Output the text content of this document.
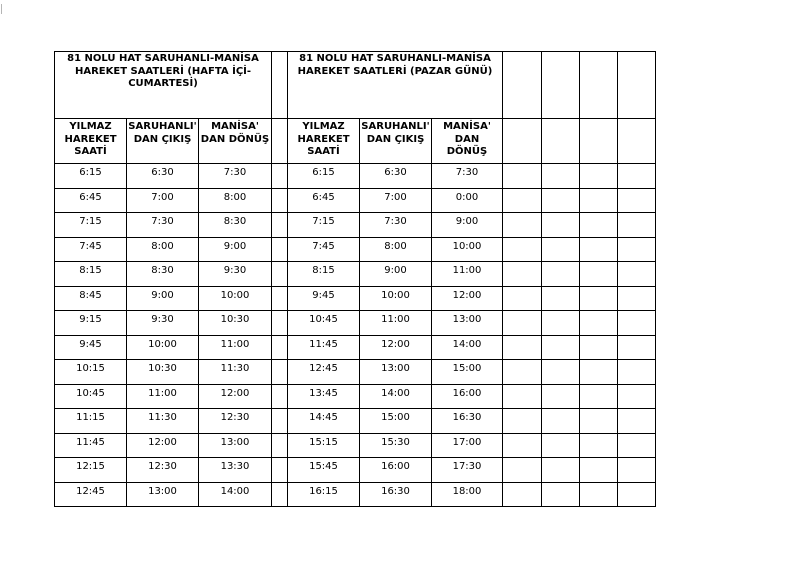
81 NOLU HAT SARUHANLI-MANİSA HAREKET SAATLERİ (HAFTA İÇİ-CUMARTESİ)				81 NOLU HAT SARUHANLI-MANİSA HAREKET SAATLERİ (PAZAR GÜNÜ)						

YILMAZ HAREKET SAATİ	SARUHANLI' DAN ÇIKIŞ	MANİSA' DAN DÖNÜŞ		YILMAZ HAREKET SAATİ	SARUHANLI' DAN ÇIKIŞ	MANİSA' DAN DÖNÜŞ				

6:15	6:30	7:30		6:15	6:30	7:30				

6:45	7:00	8:00		6:45	7:00	0:00				

7:15	7:30	8:30		7:15	7:30	9:00				

7:45	8:00	9:00		7:45	8:00	10:00				

8:15	8:30	9:30		8:15	9:00	11:00				

8:45	9:00	10:00		9:45	10:00	12:00				

9:15	9:30	10:30		10:45	11:00	13:00				

9:45	10:00	11:00		11:45	12:00	14:00				

10:15	10:30	11:30		12:45	13:00	15:00				

10:45	11:00	12:00		13:45	14:00	16:00				

11:15	11:30	12:30		14:45	15:00	16:30				

11:45	12:00	13:00		15:15	15:30	17:00				

12:15	12:30	13:30		15:45	16:00	17:30				

12:45	13:00	14:00		16:15	16:30	18:00				
